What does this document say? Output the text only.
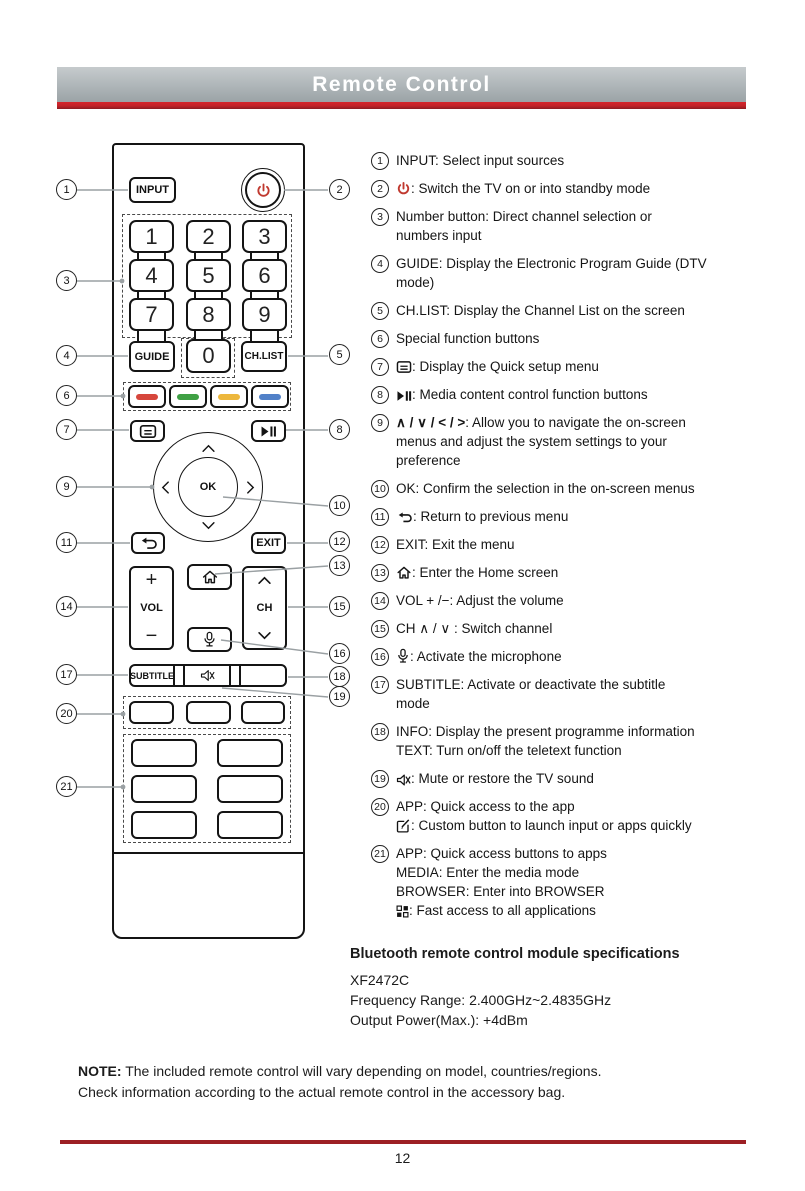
Remote Control
INPUT
1 2 3
4 5 6
7 8 9
GUIDE 0	CH.LIST
OK
EXIT
+
VOL
−
CH
SUBTITLE
1	2
3
4	5
6
7	8
9
10
11	12
13
14	15
16
17	18
19
20
21
1 INPUT: Select input sources
2	: Switch the TV on or into standby mode
3 Number button: Direct channel selection or
numbers input
4 GUIDE: Display the Electronic Program Guide (DTV
mode)
5 CH.LIST: Display the Channel List on the screen
6 Special function buttons
7	: Display the Quick setup menu
8	: Media content control function buttons
9 ∧ / ∨ / < / >: Allow you to navigate the on-screen
menus and adjust the system settings to your
preference
10 OK: Confirm the selection in the on-screen menus
11	: Return to previous menu
12 EXIT: Exit the menu
13	: Enter the Home screen
14 VOL + /−: Adjust the volume
15 CH ∧ / ∨ : Switch channel
16	: Activate the microphone
17 SUBTITLE: Activate or deactivate the subtitle
mode
18 INFO: Display the present programme information
TEXT: Turn on/off the teletext function
19	: Mute or restore the TV sound
20 APP: Quick access to the app
: Custom button to launch input or apps quickly
21 APP: Quick access buttons to apps
MEDIA: Enter the media mode
BROWSER: Enter into BROWSER
: Fast access to all applications
Bluetooth remote control module specifications
XF2472C
Frequency Range: 2.400GHz~2.4835GHz
Output Power(Max.): +4dBm
NOTE: The included remote control will vary depending on model, countries/regions.
Check information according to the actual remote control in the accessory bag.
12
